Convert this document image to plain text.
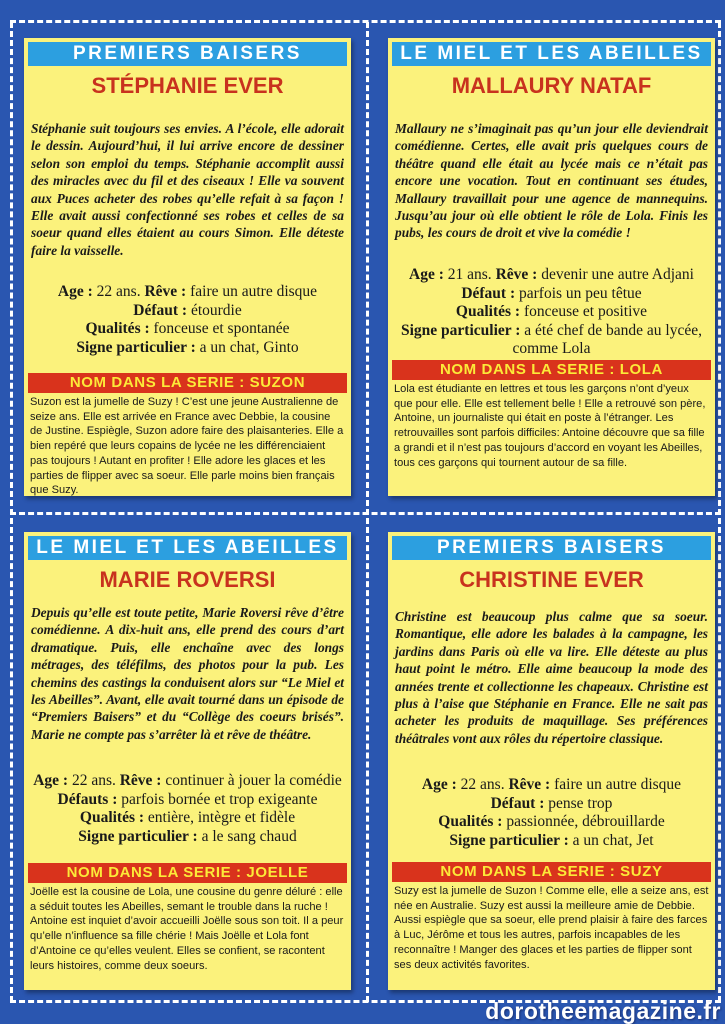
PREMIERS BAISERS
STÉPHANIE EVER

Stéphanie suit toujours ses envies. A l’école, elle adorait le dessin. Aujourd’hui, il lui arrive encore de dessiner selon son emploi du temps. Stéphanie accomplit aussi des miracles avec du fil et des ciseaux ! Elle va souvent aux Puces acheter des robes qu’elle refait à sa façon ! Elle avait aussi confectionné ses robes et celles de sa soeur quand elles étaient au cours Simon. Elle déteste faire la vaisselle.

Age : 22 ans. Rêve : faire un autre disque
Défaut : étourdie
Qualités : fonceuse et spontanée
Signe particulier : a un chat, Ginto
NOM DANS LA SERIE : SUZON

Suzon est la jumelle de Suzy ! C’est une jeune Australienne de seize ans. Elle est arrivée en France avec Debbie, la cousine de Justine. Espiègle, Suzon adore faire des plaisanteries. Elle a bien repéré que leurs copains de lycée ne les différenciaient pas toujours ! Autant en profiter ! Elle adore les glaces et les parties de flipper avec sa soeur. Elle parle moins bien français que Suzy.

LE MIEL ET LES ABEILLES
MALLAURY NATAF

Mallaury ne s’imaginait pas qu’un jour elle deviendrait comédienne. Certes, elle avait pris quelques cours de théâtre quand elle était au lycée mais ce n’était pas encore une vocation. Tout en continuant ses études, Mallaury travaillait pour une agence de mannequins. Jusqu’au jour où elle obtient le rôle de Lola. Finis les pubs, les cours de droit et vive la comédie !

Age : 21 ans. Rêve : devenir une autre Adjani
Défaut : parfois un peu têtue
Qualités : fonceuse et positive
Signe particulier : a été chef de bande au lycée, comme Lola
NOM DANS LA SERIE : LOLA

Lola est étudiante en lettres et tous les garçons n’ont d’yeux que pour elle. Elle est tellement belle ! Elle a retrouvé son père, Antoine, un journaliste qui était en poste à l’étranger. Les retrouvailles sont parfois difficiles: Antoine découvre que sa fille a grandi et il n’est pas toujours d’accord en voyant les Abeilles, tous ces garçons qui tournent autour de sa fille.

LE MIEL ET LES ABEILLES
MARIE ROVERSI

Depuis qu’elle est toute petite, Marie Roversi rêve d’être comédienne. A dix-huit ans, elle prend des cours d’art dramatique. Puis, elle enchaîne avec des longs métrages, des téléfilms, des photos pour la pub. Les chemins des castings la conduisent alors sur “Le Miel et les Abeilles”. Avant, elle avait tourné dans un épisode de “Premiers Baisers” et du “Collège des coeurs brisés”. Marie ne compte pas s’arrêter là et rêve de théâtre.

Age : 22 ans. Rêve : continuer à jouer la comédie
Défauts : parfois bornée et trop exigeante
Qualités : entière, intègre et fidèle
Signe particulier : a le sang chaud
NOM DANS LA SERIE : JOELLE

Joëlle est la cousine de Lola, une cousine du genre déluré : elle a séduit toutes les Abeilles, semant le trouble dans la ruche ! Antoine est inquiet d’avoir accueilli Joëlle sous son toit. Il a peur qu’elle n’influence sa fille chérie ! Mais Joëlle et Lola font d’Antoine ce qu’elles veulent. Elles se confient, se racontent leurs histoires, comme deux soeurs.

PREMIERS BAISERS
CHRISTINE EVER

Christine est beaucoup plus calme que sa soeur. Romantique, elle adore les balades à la campagne, les jardins dans Paris où elle va lire. Elle déteste au plus haut point le métro. Elle aime beaucoup la mode des années trente et collectionne les chapeaux. Christine est plus à l’aise que Stéphanie en France. Elle ne sait pas acheter les produits de maquillage. Ses préférences théâtrales vont aux rôles du répertoire classique.

Age : 22 ans. Rêve : faire un autre disque
Défaut : pense trop
Qualités : passionnée, débrouillarde
Signe particulier : a un chat, Jet
NOM DANS LA SERIE : SUZY

Suzy est la jumelle de Suzon ! Comme elle, elle a seize ans, est née en Australie. Suzy est aussi la meilleure amie de Debbie. Aussi espiègle que sa soeur, elle prend plaisir à faire des farces à Luc, Jérôme et tous les autres, parfois incapables de les reconnaître ! Manger des glaces et les parties de flipper sont ses deux activités favorites.

dorotheemagazine.fr
